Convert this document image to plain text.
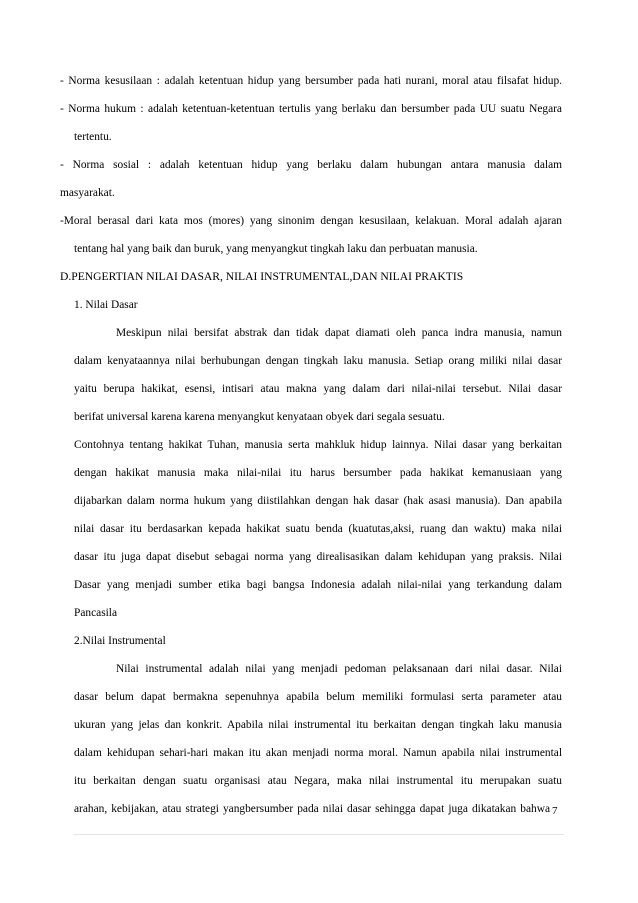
- Norma kesusilaan : adalah ketentuan hidup yang bersumber pada hati nurani, moral atau filsafat hidup.
- Norma hukum : adalah ketentuan-ketentuan tertulis yang berlaku dan bersumber pada UU suatu Negara
tertentu.
- Norma sosial : adalah ketentuan hidup yang berlaku dalam hubungan antara manusia dalam
masyarakat.
-Moral berasal dari kata mos (mores) yang sinonim dengan kesusilaan, kelakuan. Moral adalah ajaran
tentang hal yang baik dan buruk, yang menyangkut tingkah laku dan perbuatan manusia.
D.PENGERTIAN NILAI DASAR, NILAI INSTRUMENTAL,DAN NILAI PRAKTIS
1. Nilai Dasar
Meskipun nilai bersifat abstrak dan tidak dapat diamati oleh panca indra manusia, namun
dalam kenyataannya nilai berhubungan dengan tingkah laku manusia. Setiap orang miliki nilai dasar
yaitu berupa hakikat, esensi, intisari atau makna yang dalam dari nilai-nilai tersebut. Nilai dasar
berifat universal karena karena menyangkut kenyataan obyek dari segala sesuatu.
Contohnya tentang hakikat Tuhan, manusia serta mahkluk hidup lainnya. Nilai dasar yang berkaitan
dengan hakikat manusia maka nilai-nilai itu harus bersumber pada hakikat kemanusiaan yang
dijabarkan dalam norma hukum yang diistilahkan dengan hak dasar (hak asasi manusia). Dan apabila
nilai dasar itu berdasarkan kepada hakikat suatu benda (kuatutas,aksi, ruang dan waktu) maka nilai
dasar itu juga dapat disebut sebagai norma yang direalisasikan dalam kehidupan yang praksis. Nilai
Dasar yang menjadi sumber etika bagi bangsa Indonesia adalah nilai-nilai yang terkandung dalam
Pancasila
2.Nilai Instrumental
Nilai instrumental adalah nilai yang menjadi pedoman pelaksanaan dari nilai dasar. Nilai
dasar belum dapat bermakna sepenuhnya apabila belum memiliki formulasi serta parameter atau
ukuran yang jelas dan konkrit. Apabila nilai instrumental itu berkaitan dengan tingkah laku manusia
dalam kehidupan sehari-hari makan itu akan menjadi norma moral. Namun apabila nilai instrumental
itu berkaitan dengan suatu organisasi atau Negara, maka nilai instrumental itu merupakan suatu
arahan, kebijakan, atau strategi yangbersumber pada nilai dasar sehingga dapat juga dikatakan bahwa 7
